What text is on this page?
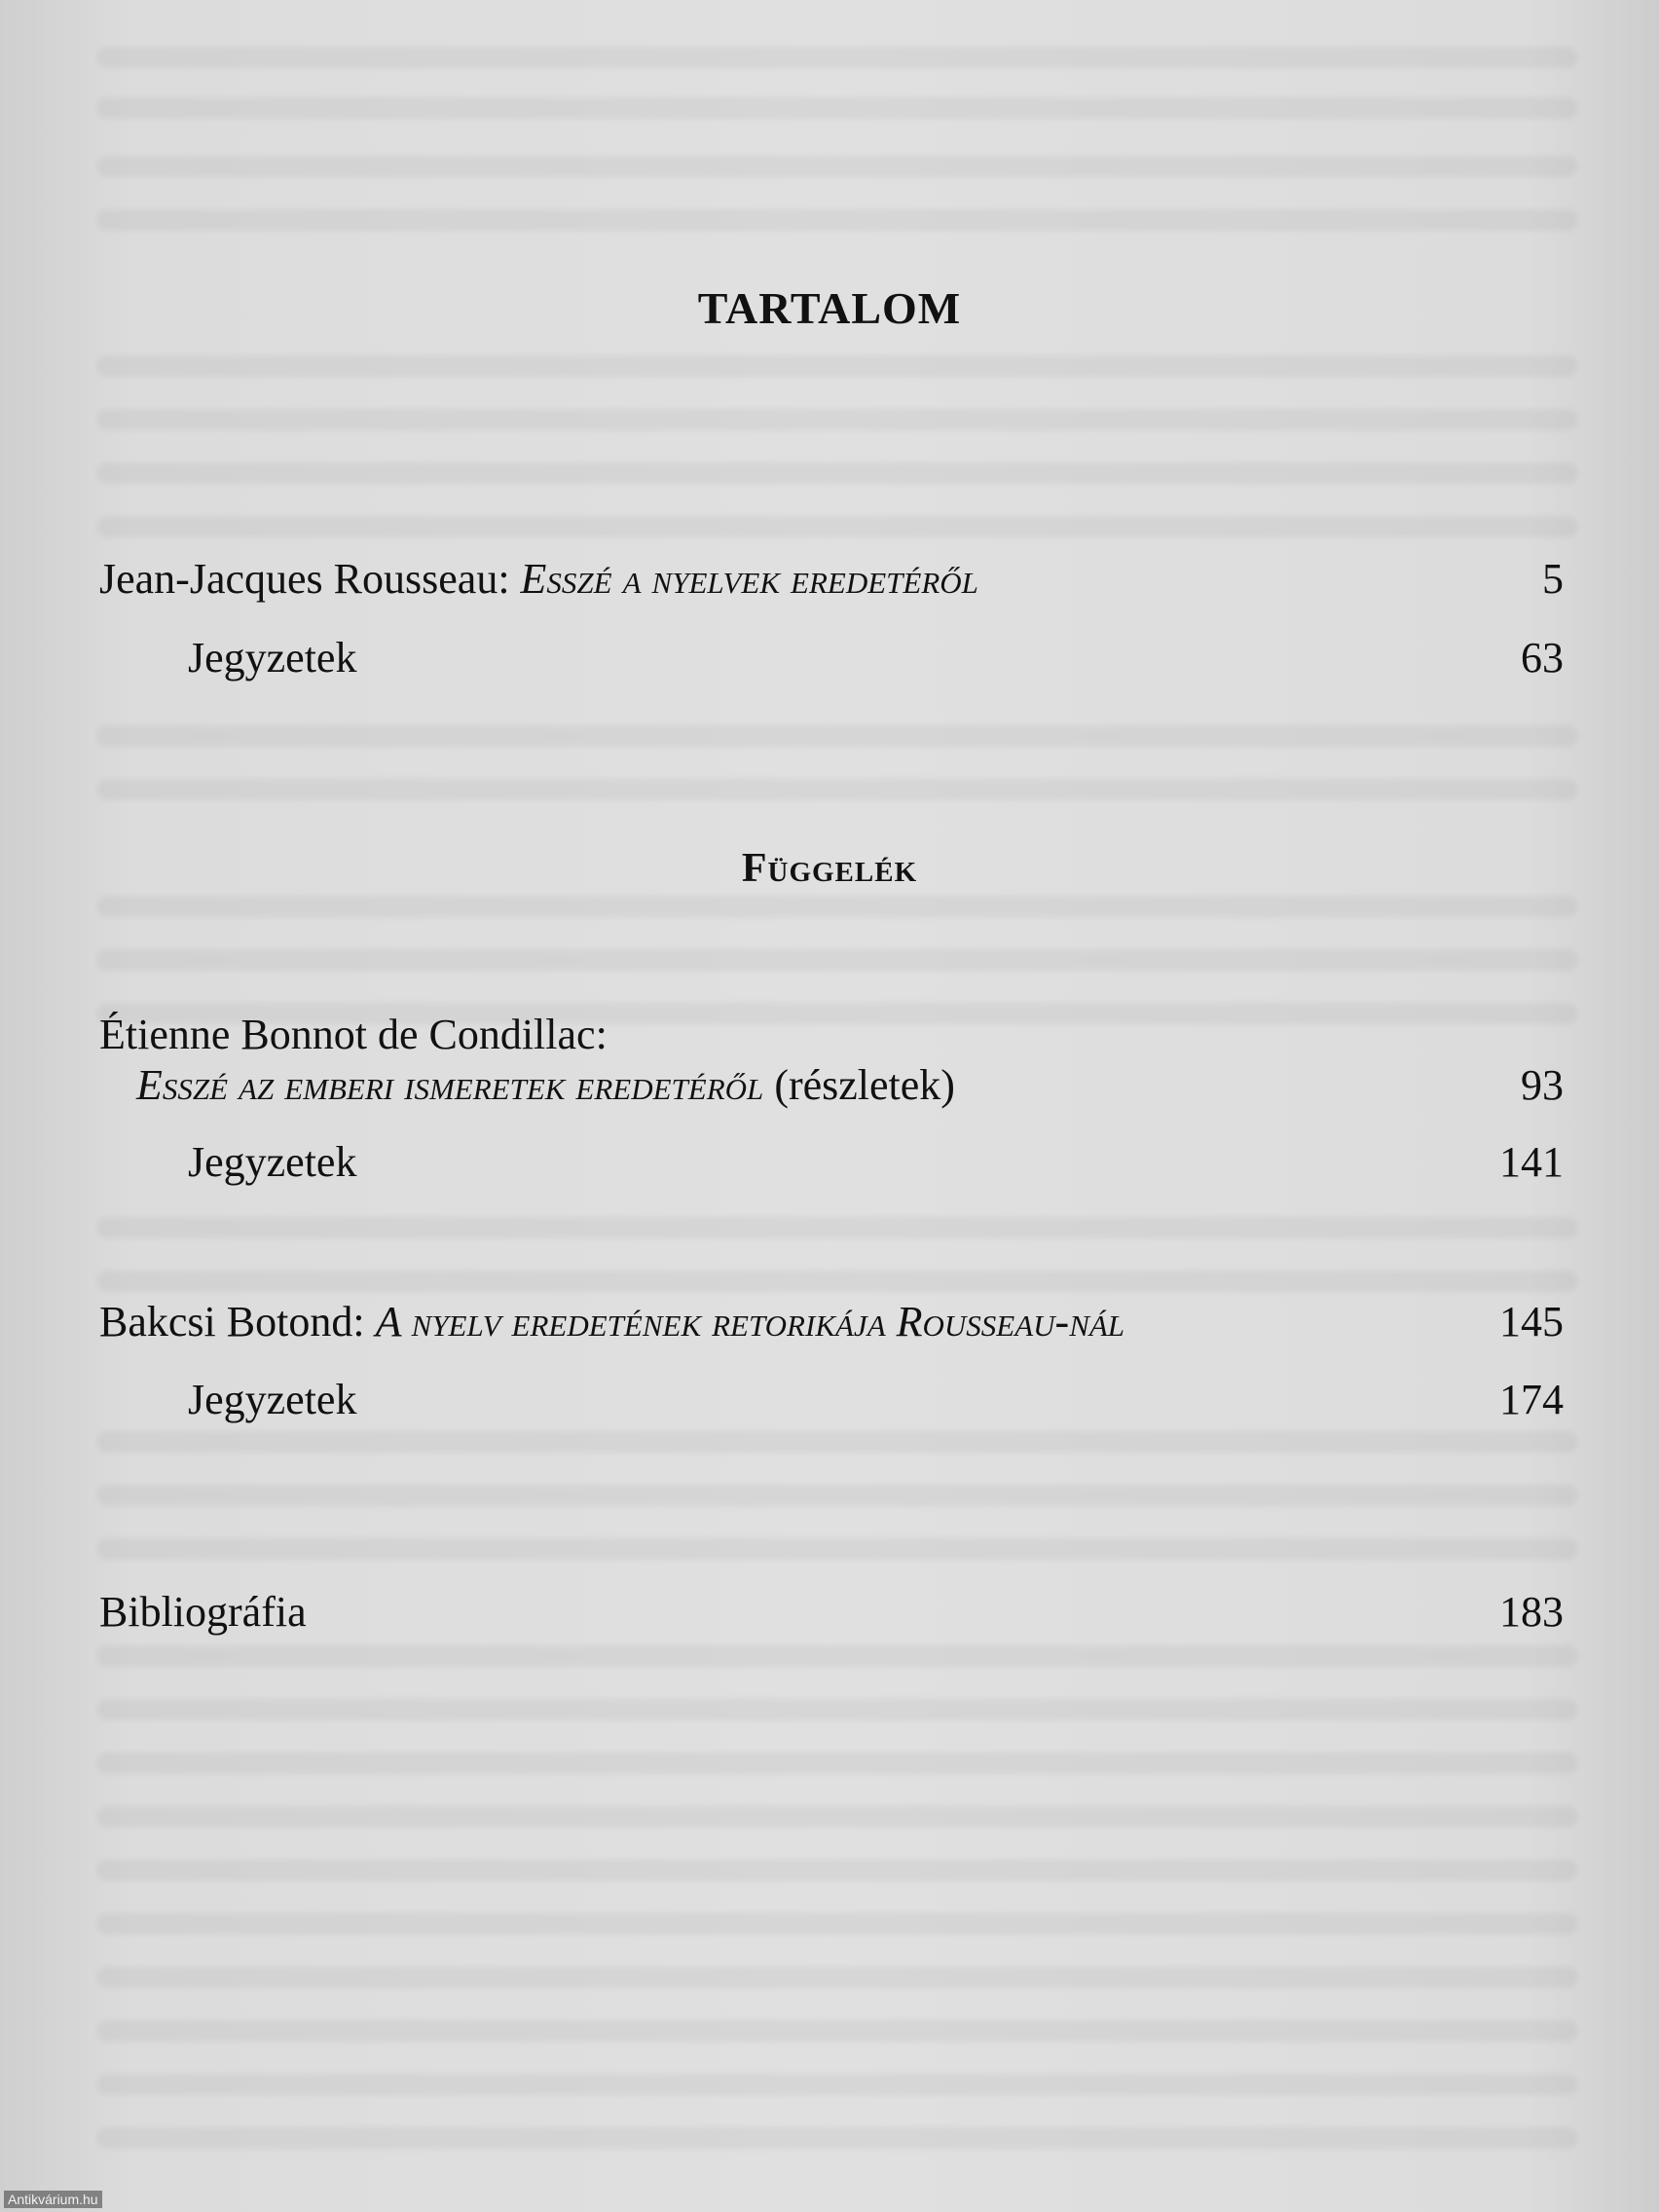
TARTALOM
Jean-Jacques Rousseau: Esszé a nyelvek eredetéről	5
Jegyzetek	63
Függelék
Étienne Bonnot de Condillac:
Esszé az emberi ismeretek eredetéről (részletek)	93
Jegyzetek	141
Bakcsi Botond: A nyelv eredetének retorikája Rousseau-nál	145
Jegyzetek	174
Bibliográfia	183
Antikvárium.hu
